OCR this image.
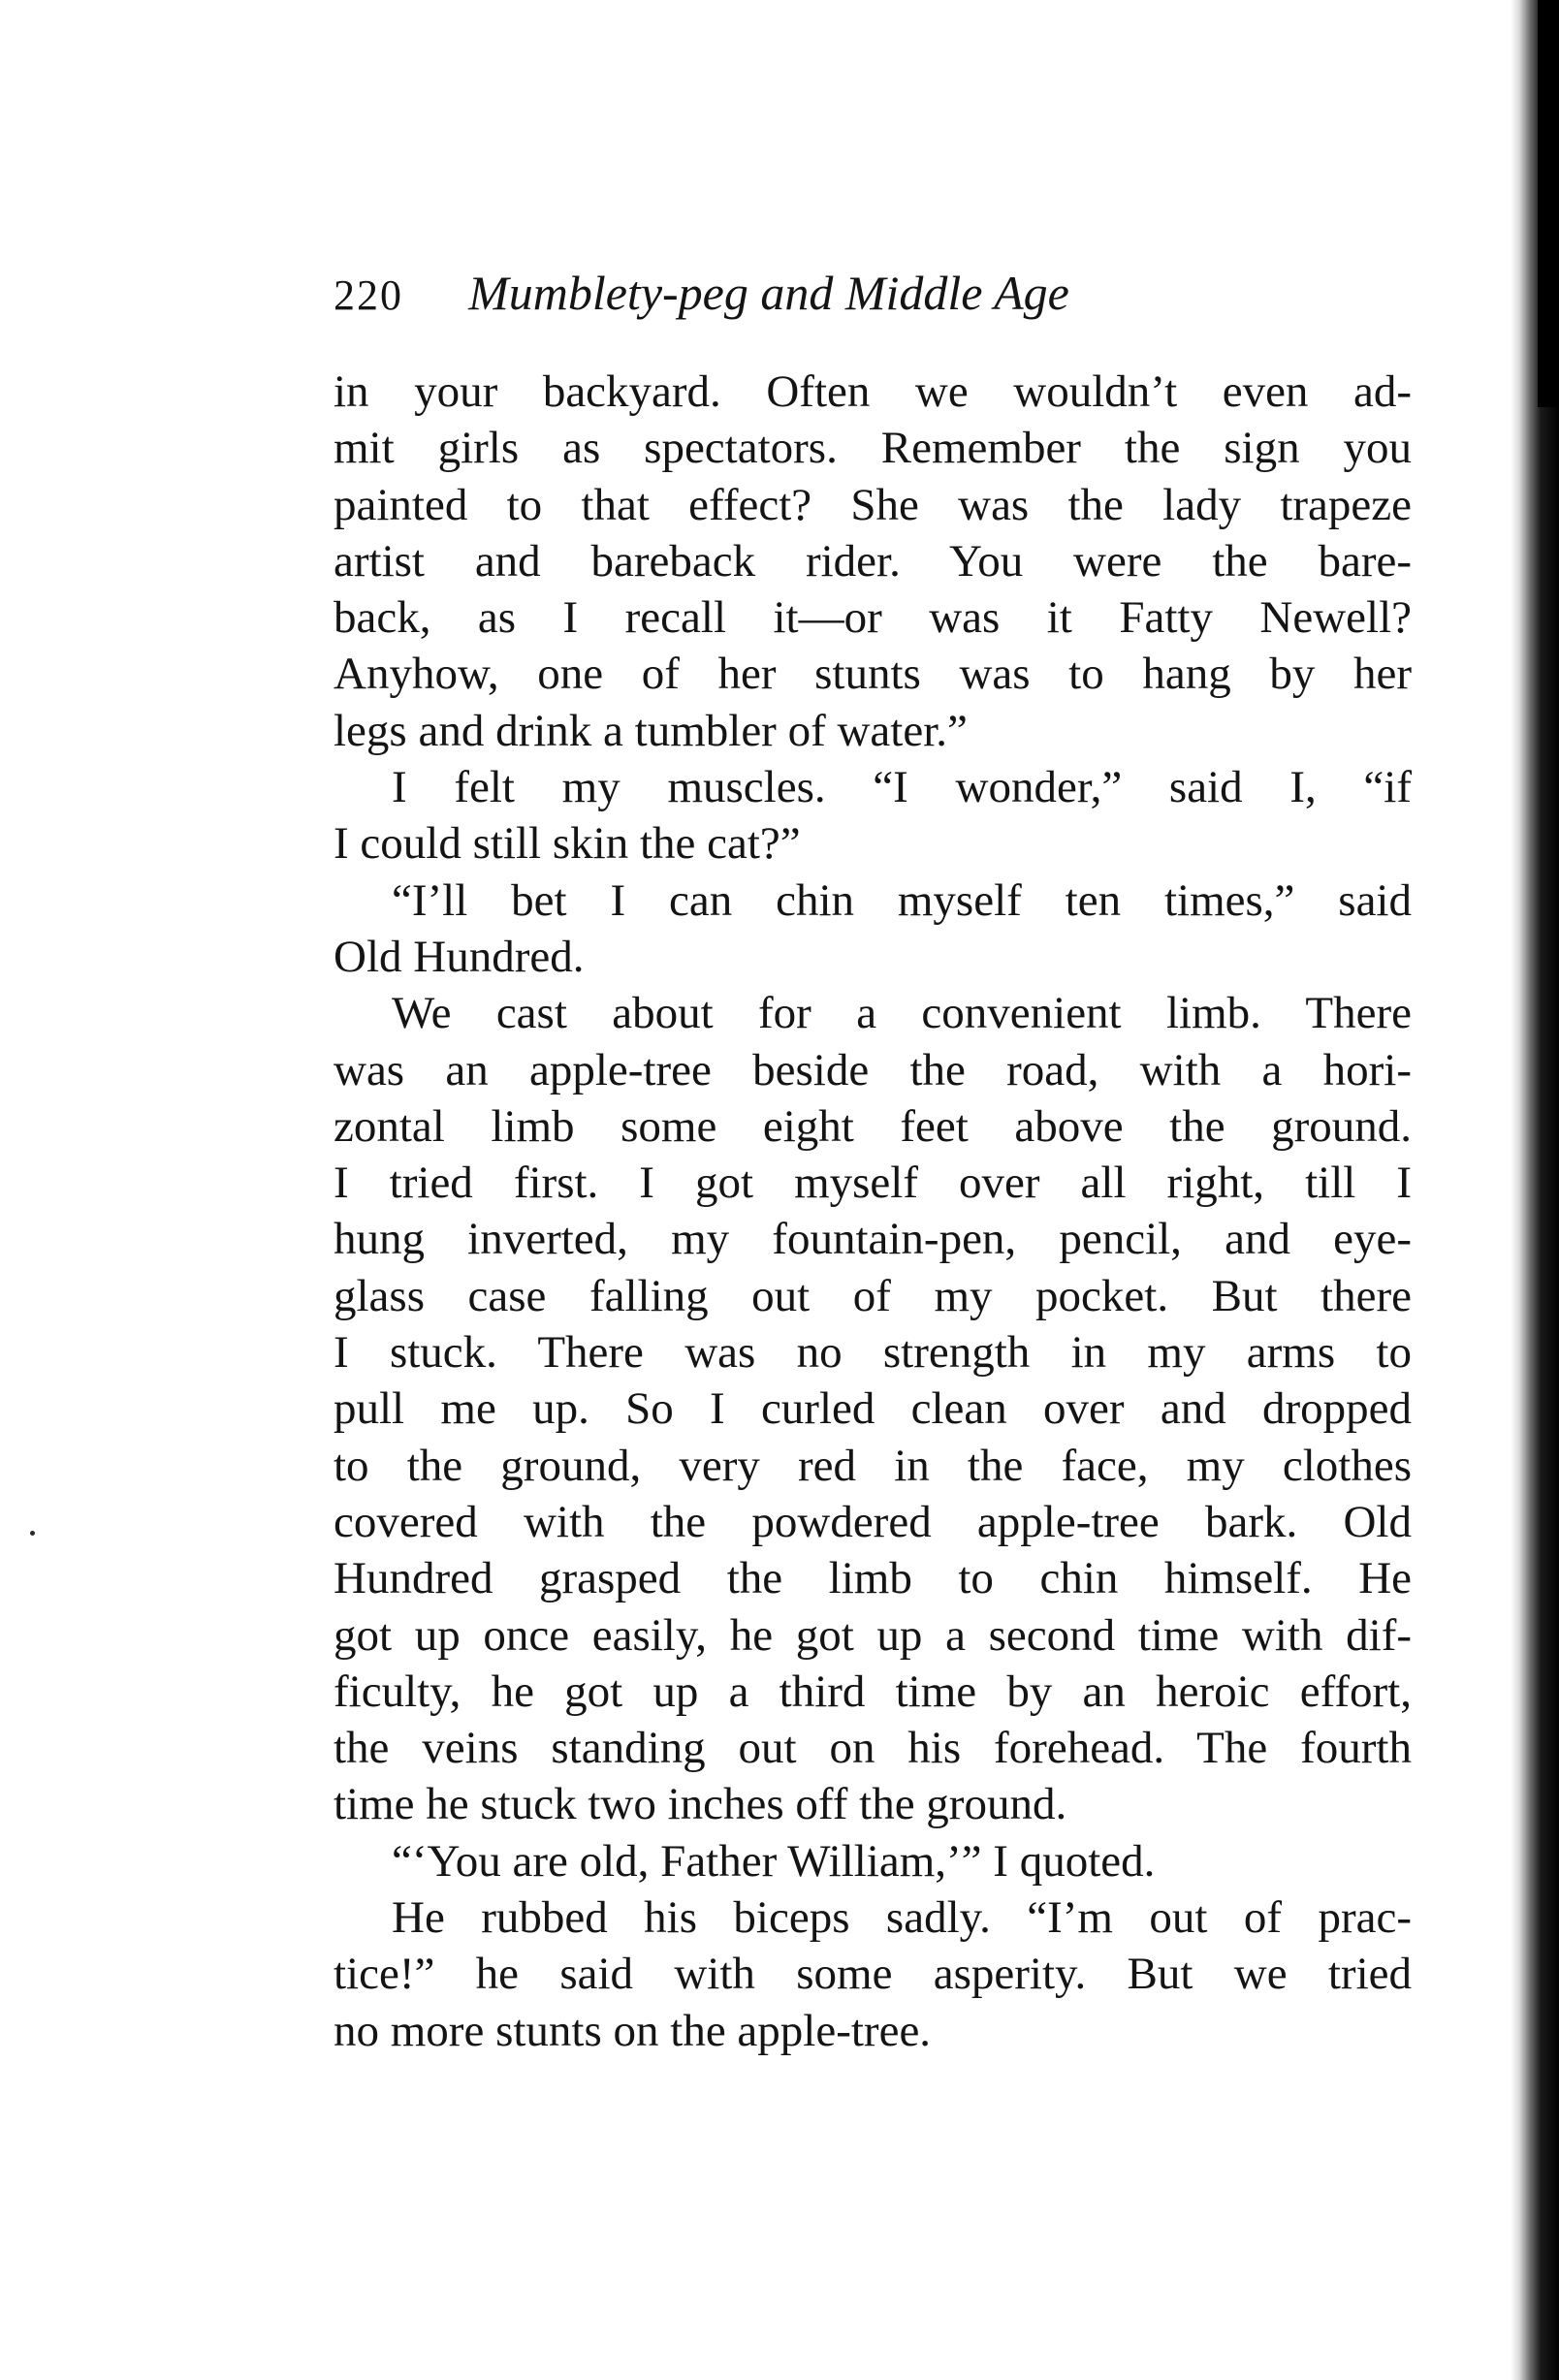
220 Mumblety-peg and Middle Age
in your backyard. Often we wouldn’t even ad-
mit girls as spectators. Remember the sign you
painted to that effect? She was the lady trapeze
artist and bareback rider. You were the bare-
back, as I recall it—or was it Fatty Newell?
Anyhow, one of her stunts was to hang by her
legs and drink a tumbler of water.”
I felt my muscles. “I wonder,” said I, “if
I could still skin the cat?”
“I’ll bet I can chin myself ten times,” said
Old Hundred.
We cast about for a convenient limb. There
was an apple-tree beside the road, with a hori-
zontal limb some eight feet above the ground.
I tried first. I got myself over all right, till I
hung inverted, my fountain-pen, pencil, and eye-
glass case falling out of my pocket. But there
I stuck. There was no strength in my arms to
pull me up. So I curled clean over and dropped
to the ground, very red in the face, my clothes
covered with the powdered apple-tree bark. Old
Hundred grasped the limb to chin himself. He
got up once easily, he got up a second time with dif-
ficulty, he got up a third time by an heroic effort,
the veins standing out on his forehead. The fourth
time he stuck two inches off the ground.
“‘You are old, Father William,’” I quoted.
He rubbed his biceps sadly. “I’m out of prac-
tice!” he said with some asperity. But we tried
no more stunts on the apple-tree.
